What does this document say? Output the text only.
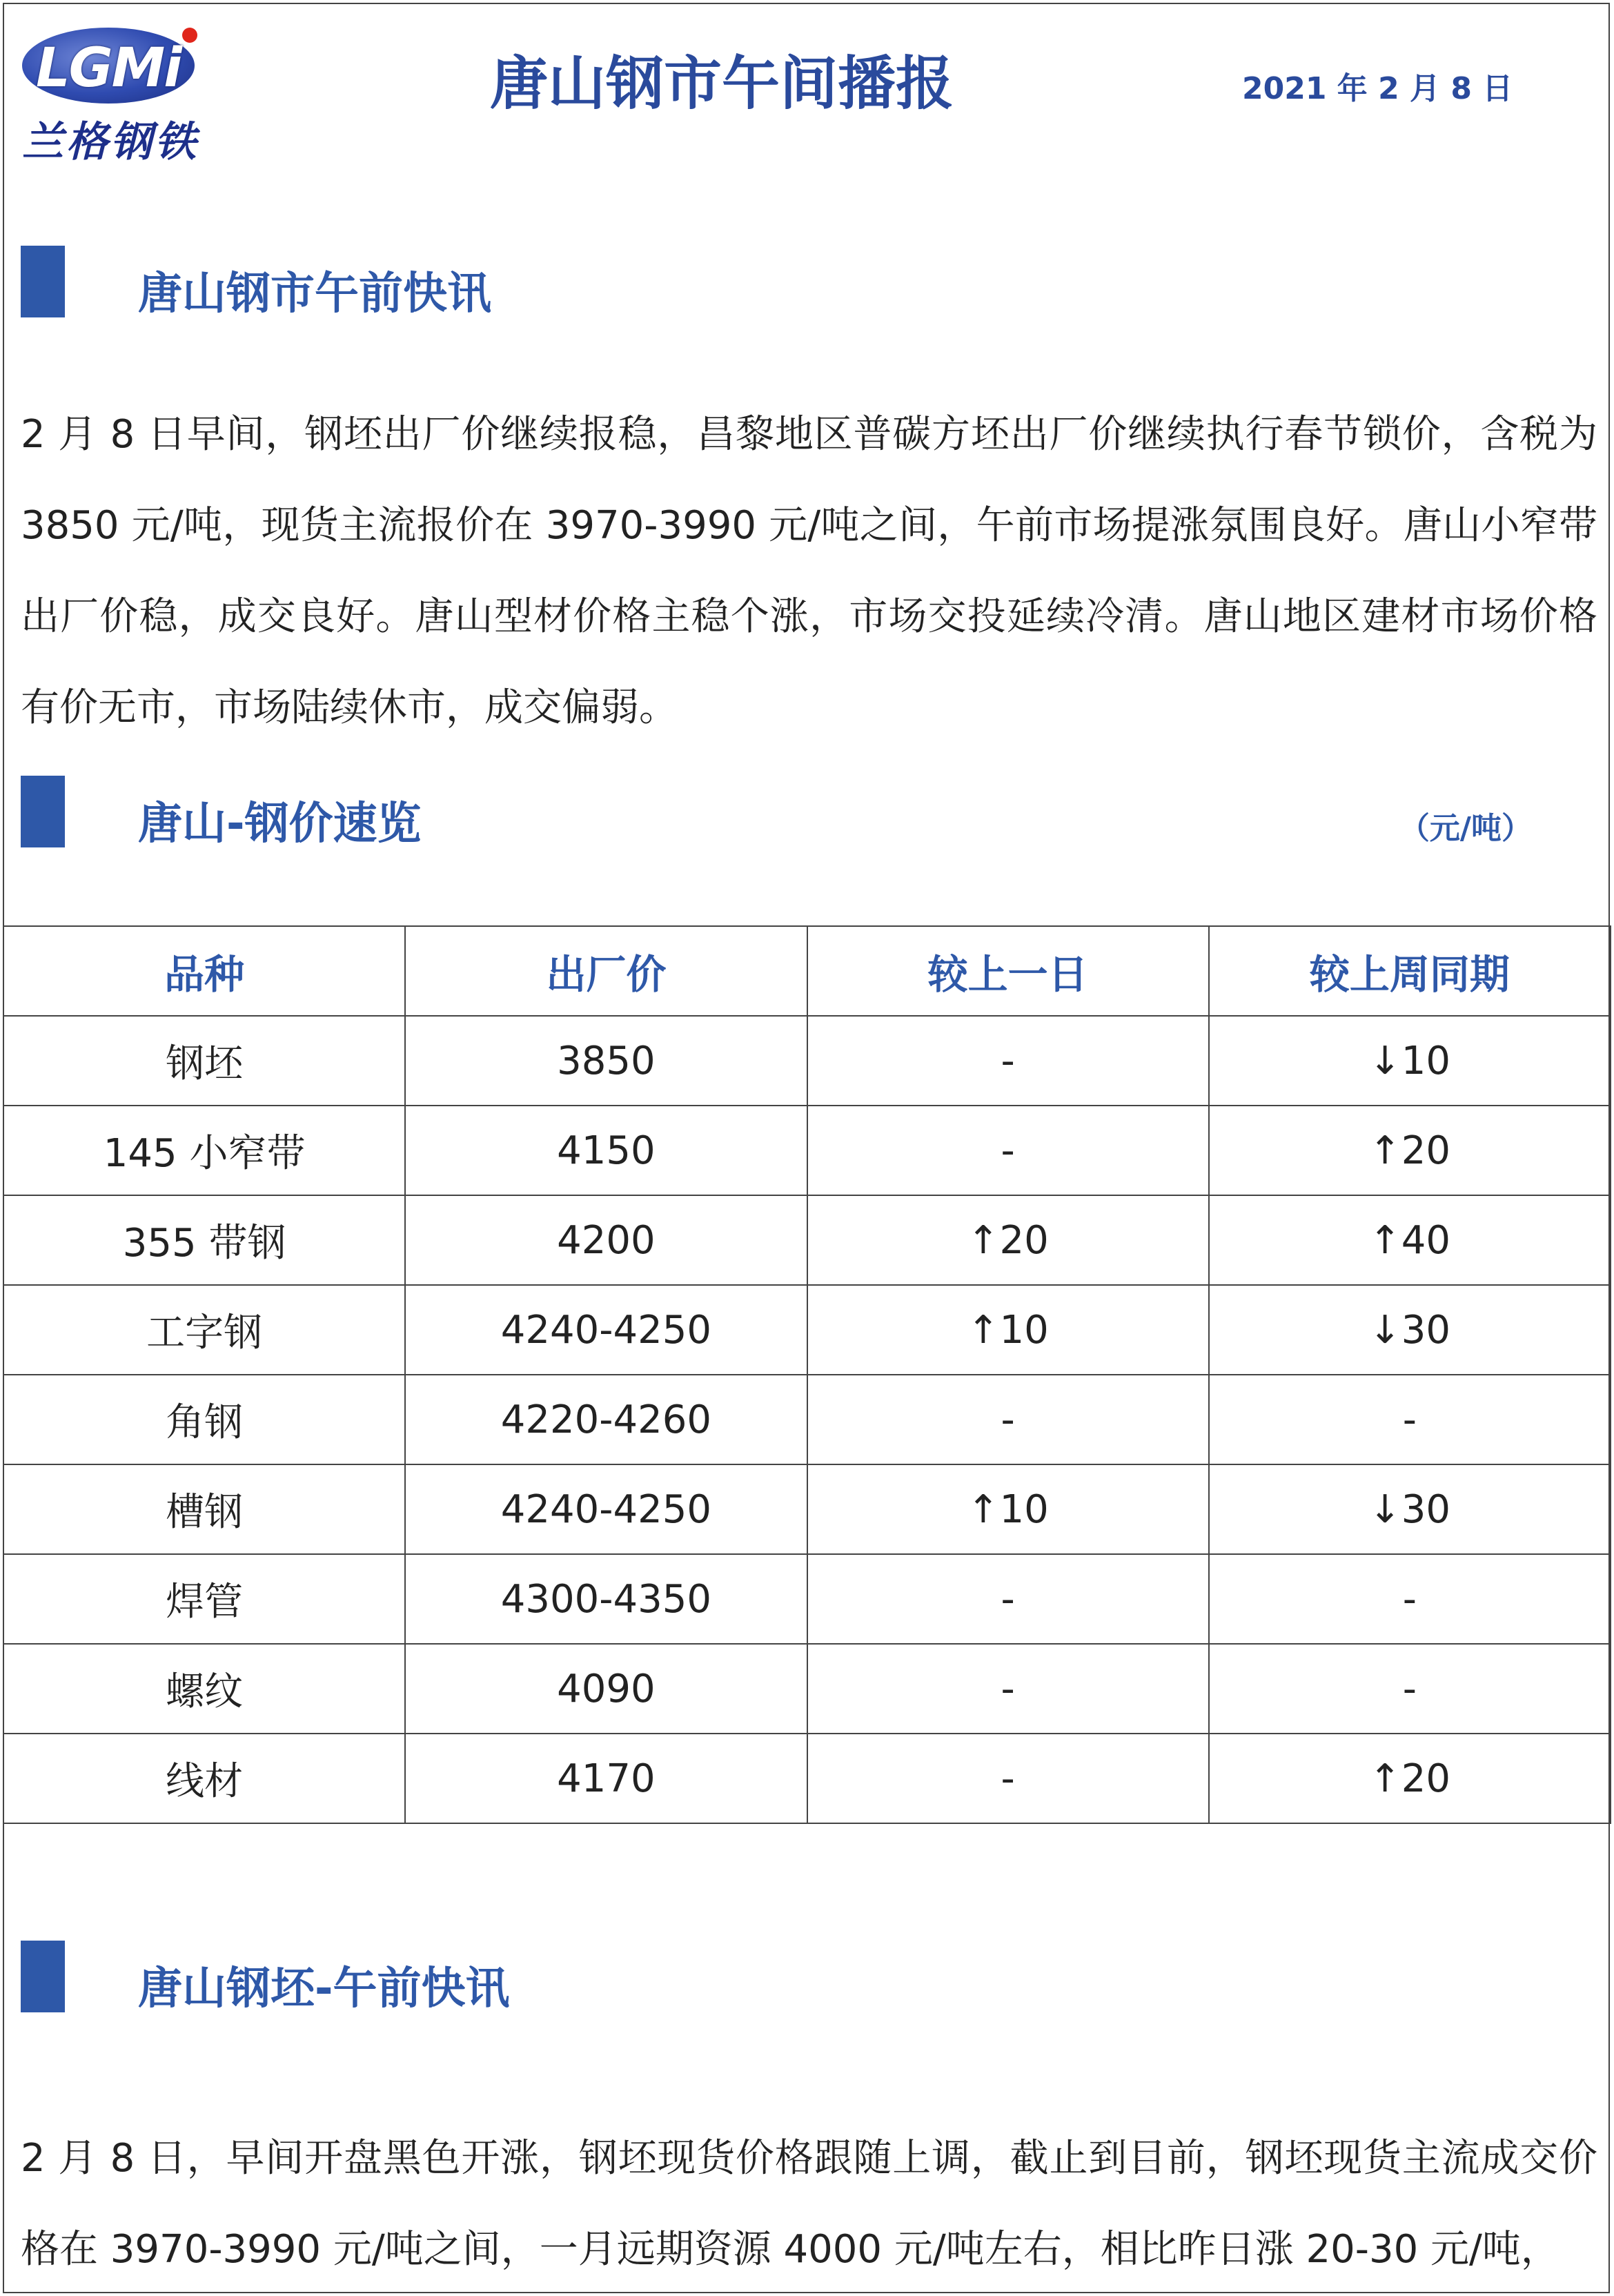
LGMi
兰格钢铁
唐山钢市午间播报	2021 年 2 月 8 日
唐山钢市午前快讯
2 月 8 日早间，钢坯出厂价继续报稳，昌黎地区普碳方坯出厂价继续执行春节锁价，含税为 3850 元/吨，现货主流报价在 3970-3990 元/吨之间，午前市场提涨氛围良好。唐山小窄带出厂价稳，成交良好。唐山型材价格主稳个涨，市场交投延续冷清。唐山地区建材市场价格有价无市，市场陆续休市，成交偏弱。
唐山-钢价速览	（元/吨）
品种	出厂价	较上一日	较上周同期
钢坯	3850	-	↓10
145 小窄带	4150	-	↑20
355 带钢	4200	↑20	↑40
工字钢	4240-4250	↑10	↓30
角钢	4220-4260	-	-
槽钢	4240-4250	↑10	↓30
焊管	4300-4350	-	-
螺纹	4090	-	-
线材	4170	-	↑20
唐山钢坯-午前快讯
2 月 8 日，早间开盘黑色开涨，钢坯现货价格跟随上调，截止到目前，钢坯现货主流成交价格在 3970-3990 元/吨之间，一月远期资源 4000 元/吨左右，相比昨日涨 20-30 元/吨，
